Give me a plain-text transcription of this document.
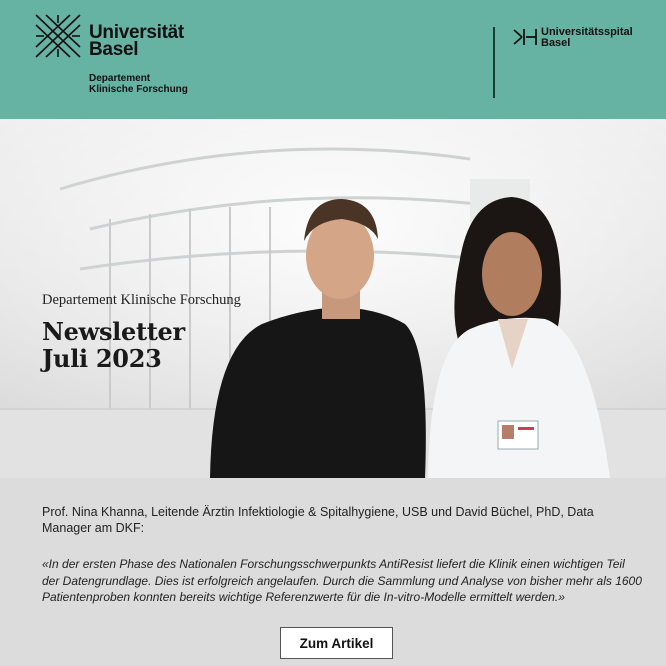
Universität
Basel
Departement
Klinische Forschung
Universitätsspital
Basel
Departement Klinische Forschung
Newsletter
Juli 2023
Prof. Nina Khanna, Leitende Ärztin Infektiologie & Spitalhygiene, USB und David Büchel, PhD, Data Manager am DKF:
«In der ersten Phase des Nationalen Forschungsschwerpunkts AntiResist liefert die Klinik einen wichtigen Teil der Datengrundlage. Dies ist erfolgreich angelaufen. Durch die Sammlung und Analyse von bisher mehr als 1600 Patientenproben konnten bereits wichtige Referenzwerte für die In-vitro-Modelle ermittelt werden.»
Zum Artikel
